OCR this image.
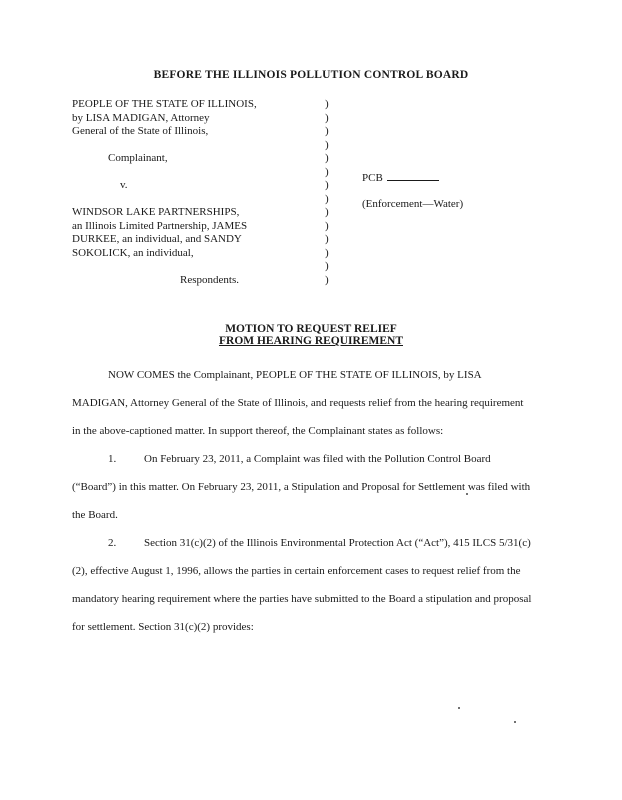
BEFORE THE ILLINOIS POLLUTION CONTROL BOARD
PEOPLE OF THE STATE OF ILLINOIS,
by LISA MADIGAN, Attorney
General of the State of Illinois,
Complainant,
v.
WINDSOR LAKE PARTNERSHIPS,
an Illinois Limited Partnership, JAMES
DURKEE, an individual, and SANDY
SOKOLICK, an individual,
Respondents.
)
)
)
)
)
)
)
)
)
)
)
)
)
)
PCB
(Enforcement—Water)
MOTION TO REQUEST RELIEF
FROM HEARING REQUIREMENT

NOW COMES the Complainant, PEOPLE OF THE STATE OF ILLINOIS, by LISA MADIGAN, Attorney General of the State of Illinois, and requests relief from the hearing requirement in the above-captioned matter. In support thereof, the Complainant states as follows:

1.	On February 23, 2011, a Complaint was filed with the Pollution Control Board (“Board”) in this matter. On February 23, 2011, a Stipulation and Proposal for Settlement was filed with the Board.

2.	Section 31(c)(2) of the Illinois Environmental Protection Act (“Act”), 415 ILCS 5/31(c)(2), effective August 1, 1996, allows the parties in certain enforcement cases to request relief from the mandatory hearing requirement where the parties have submitted to the Board a stipulation and proposal for settlement. Section 31(c)(2) provides:
